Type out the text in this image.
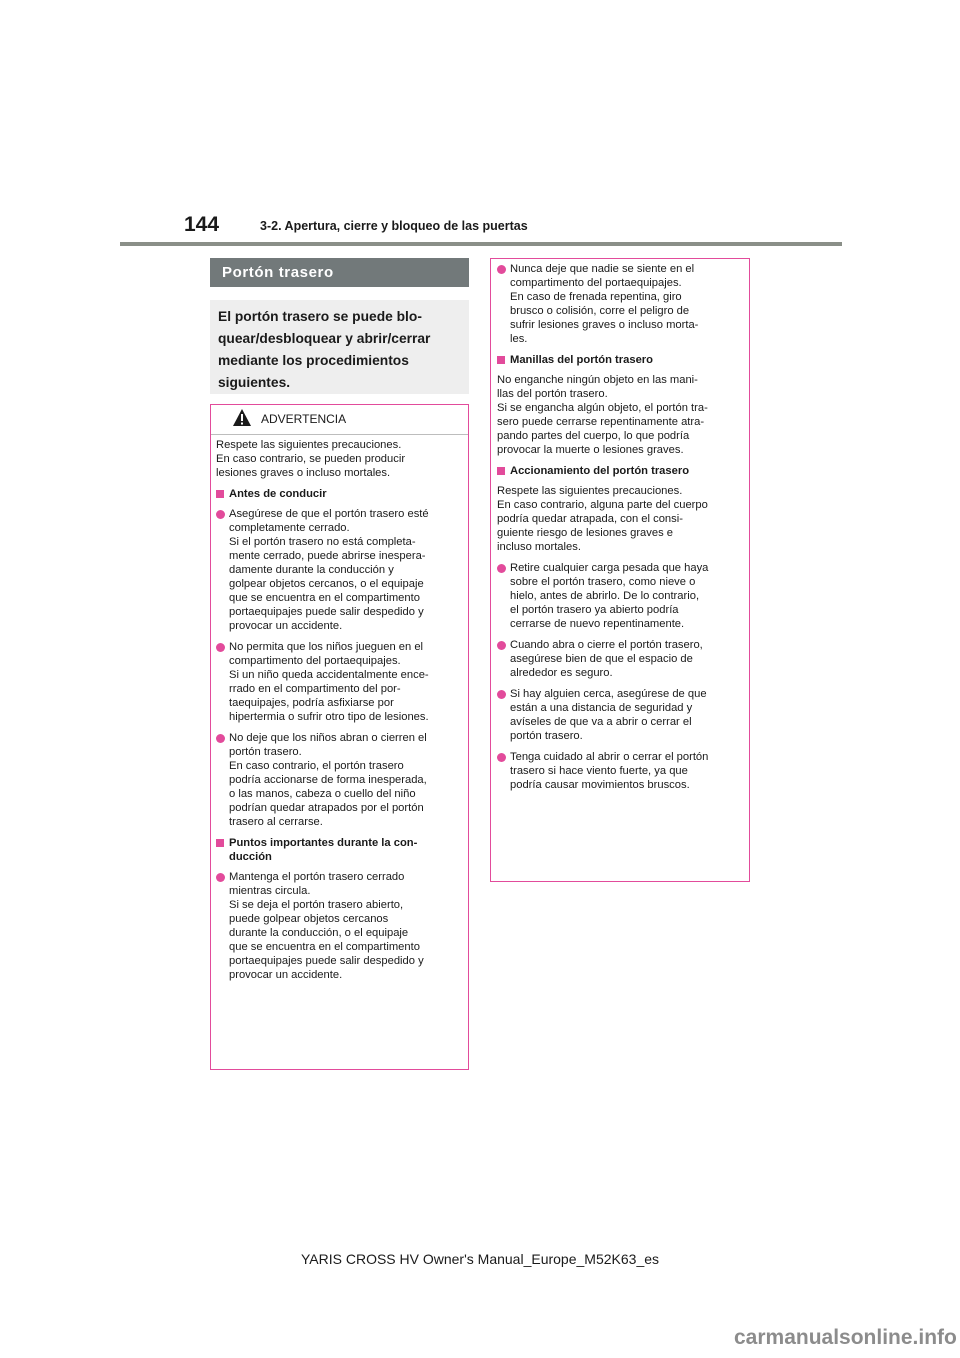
144	3-2. Apertura, cierre y bloqueo de las puertas
Portón trasero

El portón trasero se puede blo-
quear/desbloquear y abrir/cerrar
mediante los procedimientos
siguientes.

ADVERTENCIA
Respete las siguientes precauciones.
En caso contrario, se pueden producir
lesiones graves o incluso mortales.
Antes de conducir
Asegúrese de que el portón trasero esté
completamente cerrado.
Si el portón trasero no está completa-
mente cerrado, puede abrirse inespera-
damente durante la conducción y
golpear objetos cercanos, o el equipaje
que se encuentra en el compartimento
portaequipajes puede salir despedido y
provocar un accidente.
No permita que los niños jueguen en el
compartimento del portaequipajes.
Si un niño queda accidentalmente ence-
rrado en el compartimento del por-
taequipajes, podría asfixiarse por
hipertermia o sufrir otro tipo de lesiones.
No deje que los niños abran o cierren el
portón trasero.
En caso contrario, el portón trasero
podría accionarse de forma inesperada,
o las manos, cabeza o cuello del niño
podrían quedar atrapados por el portón
trasero al cerrarse.
Puntos importantes durante la con-
ducción
Mantenga el portón trasero cerrado
mientras circula.
Si se deja el portón trasero abierto,
puede golpear objetos cercanos
durante la conducción, o el equipaje
que se encuentra en el compartimento
portaequipajes puede salir despedido y
provocar un accidente.
Nunca deje que nadie se siente en el
compartimento del portaequipajes.
En caso de frenada repentina, giro
brusco o colisión, corre el peligro de
sufrir lesiones graves o incluso morta-
les.
Manillas del portón trasero
No enganche ningún objeto en las mani-
llas del portón trasero.
Si se engancha algún objeto, el portón tra-
sero puede cerrarse repentinamente atra-
pando partes del cuerpo, lo que podría
provocar la muerte o lesiones graves.
Accionamiento del portón trasero
Respete las siguientes precauciones.
En caso contrario, alguna parte del cuerpo
podría quedar atrapada, con el consi-
guiente riesgo de lesiones graves e
incluso mortales.
Retire cualquier carga pesada que haya
sobre el portón trasero, como nieve o
hielo, antes de abrirlo. De lo contrario,
el portón trasero ya abierto podría
cerrarse de nuevo repentinamente.
Cuando abra o cierre el portón trasero,
asegúrese bien de que el espacio de
alrededor es seguro.
Si hay alguien cerca, asegúrese de que
están a una distancia de seguridad y
avíseles de que va a abrir o cerrar el
portón trasero.
Tenga cuidado al abrir o cerrar el portón
trasero si hace viento fuerte, ya que
podría causar movimientos bruscos.
YARIS CROSS HV Owner's Manual_Europe_M52K63_es
carmanualsonline.info
